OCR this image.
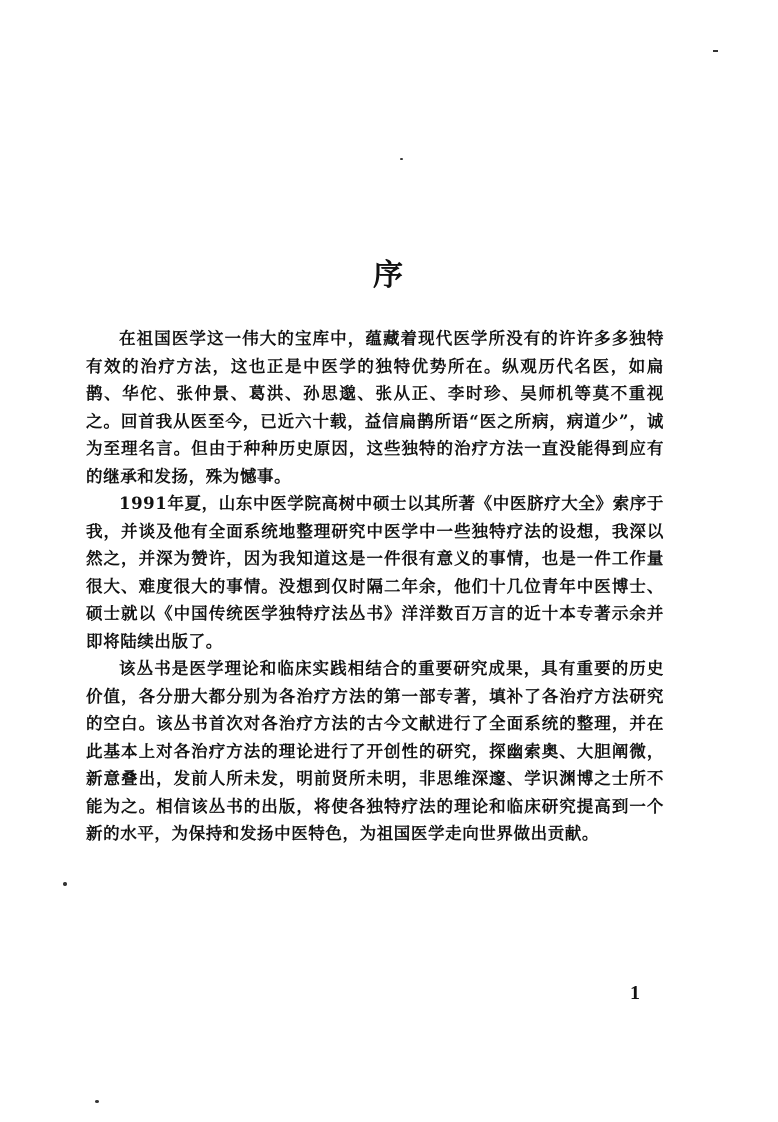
序

在祖国医学这一伟大的宝库中，蕴藏着现代医学所没有的许许多多独特有效的治疗方法，这也正是中医学的独特优势所在。纵观历代名医，如扁鹊、华佗、张仲景、葛洪、孙思邈、张从正、李时珍、吴师机等莫不重视之。回首我从医至今，已近六十载，益信扁鹊所语“医之所病，病道少”，诚为至理名言。但由于种种历史原因，这些独特的治疗方法一直没能得到应有的继承和发扬，殊为憾事。

1991年夏，山东中医学院高树中硕士以其所著《中医脐疗大全》索序于我，并谈及他有全面系统地整理研究中医学中一些独特疗法的设想，我深以然之，并深为赞许，因为我知道这是一件很有意义的事情，也是一件工作量很大、难度很大的事情。没想到仅时隔二年余，他们十几位青年中医博士、硕士就以《中国传统医学独特疗法丛书》洋洋数百万言的近十本专著示余并即将陆续出版了。

该丛书是医学理论和临床实践相结合的重要研究成果，具有重要的历史价值，各分册大都分别为各治疗方法的第一部专著，填补了各治疗方法研究的空白。该丛书首次对各治疗方法的古今文献进行了全面系统的整理，并在此基本上对各治疗方法的理论进行了开创性的研究，探幽索奥、大胆阐微，新意叠出，发前人所未发，明前贤所未明，非思维深邃、学识渊博之士所不能为之。相信该丛书的出版，将使各独特疗法的理论和临床研究提高到一个新的水平，为保持和发扬中医特色，为祖国医学走向世界做出贡献。

1
